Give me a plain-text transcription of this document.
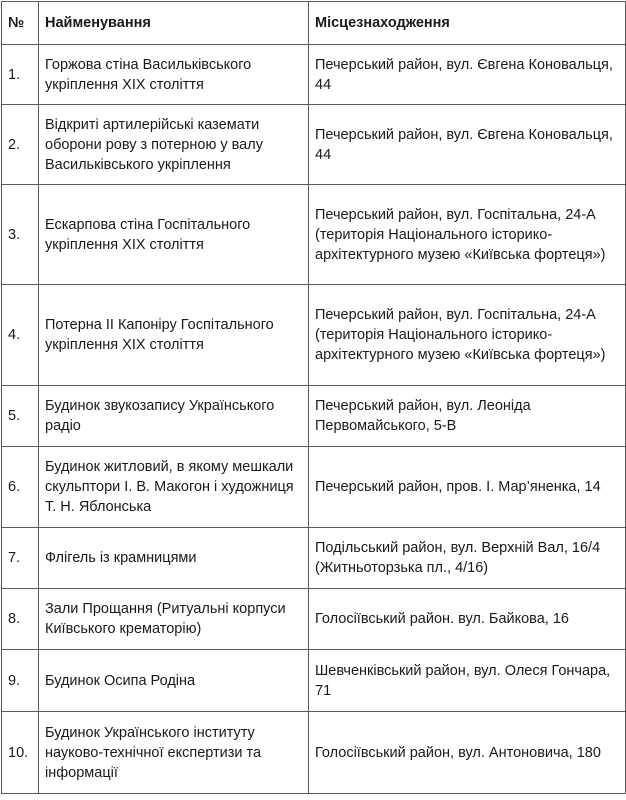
№	Найменування	Місцезнаходження
1.	Горжова стіна Васильківського укріплення XIX століття	Печерський район, вул. Євгена Коновальця, 44
2.	Відкриті артилерійські каземати оборони рову з потерною у валу Васильківського укріплення	Печерський район, вул. Євгена Коновальця, 44
3.	Ескарпова стіна Госпітального укріплення XIX століття	Печерський район, вул. Госпітальна, 24-А (територія Національного історико-архітектурного музею «Київська фортеця»)
4.	Потерна ІІ Капоніру Госпітального укріплення XIX століття	Печерський район, вул. Госпітальна, 24-А (територія Національного історико-архітектурного музею «Київська фортеця»)
5.	Будинок звукозапису Українського радіо	Печерський район, вул. Леоніда Первомайського, 5-В
6.	Будинок житловий, в якому мешкали скульптори І. В. Макогон і художниця Т. Н. Яблонська	Печерський район, пров. І. Мар’яненка, 14
7.	Флігель із крамницями	Подільський район, вул. Верхній Вал, 16/4 (Житньоторзька пл., 4/16)
8.	Зали Прощання (Ритуальні корпуси Київського крематорію)	Голосіївський район. вул. Байкова, 16
9.	Будинок Осипа Родіна	Шевченківський район, вул. Олеся Гончара, 71
10.	Будинок Українського інституту науково-технічної експертизи та інформації	Голосіївський район, вул. Антоновича, 180
